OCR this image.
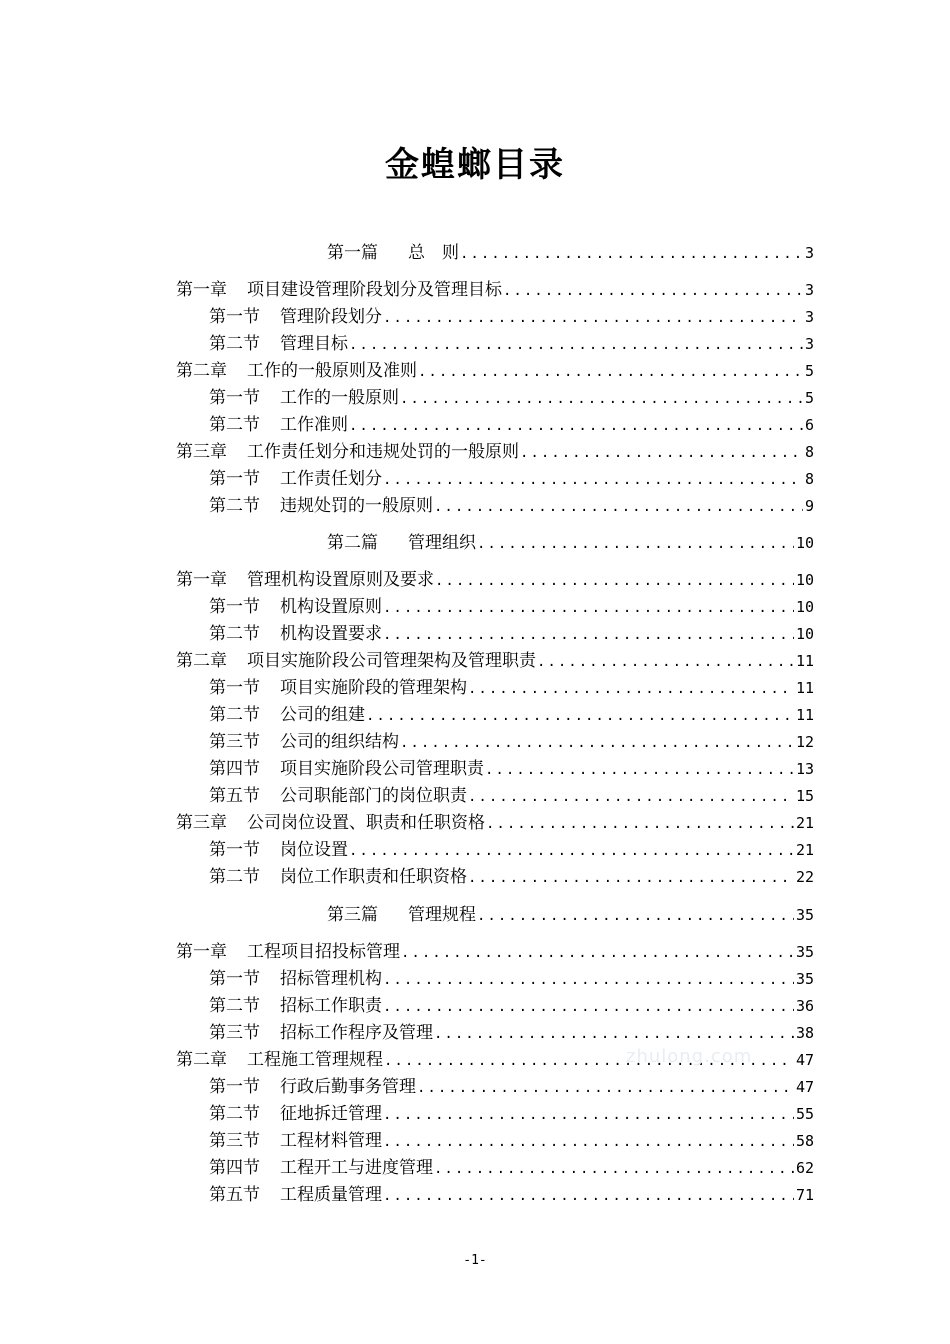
金蝗螂目录
第一篇 总　则 .....	3
第一章 项目建设管理阶段划分及管理目标 .....	3
第一节 管理阶段划分 .....	3
第二节 管理目标 .....	3
第二章 工作的一般原则及准则 .....	5
第一节 工作的一般原则 .....	5
第二节 工作准则 .....	6
第三章 工作责任划分和违规处罚的一般原则 .....	8
第一节 工作责任划分 .....	8
第二节 违规处罚的一般原则 .....	9
第二篇 管理组织 .....	10
第一章 管理机构设置原则及要求 .....	10
第一节 机构设置原则 .....	10
第二节 机构设置要求 .....	10
第二章 项目实施阶段公司管理架构及管理职责 .....	11
第一节 项目实施阶段的管理架构 .....	11
第二节 公司的组建 .....	11
第三节 公司的组织结构 .....	12
第四节 项目实施阶段公司管理职责 .....	13
第五节 公司职能部门的岗位职责 .....	15
第三章 公司岗位设置、职责和任职资格 .....	21
第一节 岗位设置 .....	21
第二节 岗位工作职责和任职资格 .....	22
第三篇 管理规程 .....	35
第一章 工程项目招投标管理 .....	35
第一节 招标管理机构 .....	35
第二节 招标工作职责 .....	36
第三节 招标工作程序及管理 .....	38
第二章 工程施工管理规程 .....	47
第一节 行政后勤事务管理 .....	47
第二节 征地拆迁管理 .....	55
第三节 工程材料管理 .....	58
第四节 工程开工与进度管理 .....	62
第五节 工程质量管理 .....	71
zhulong.com
-1-
